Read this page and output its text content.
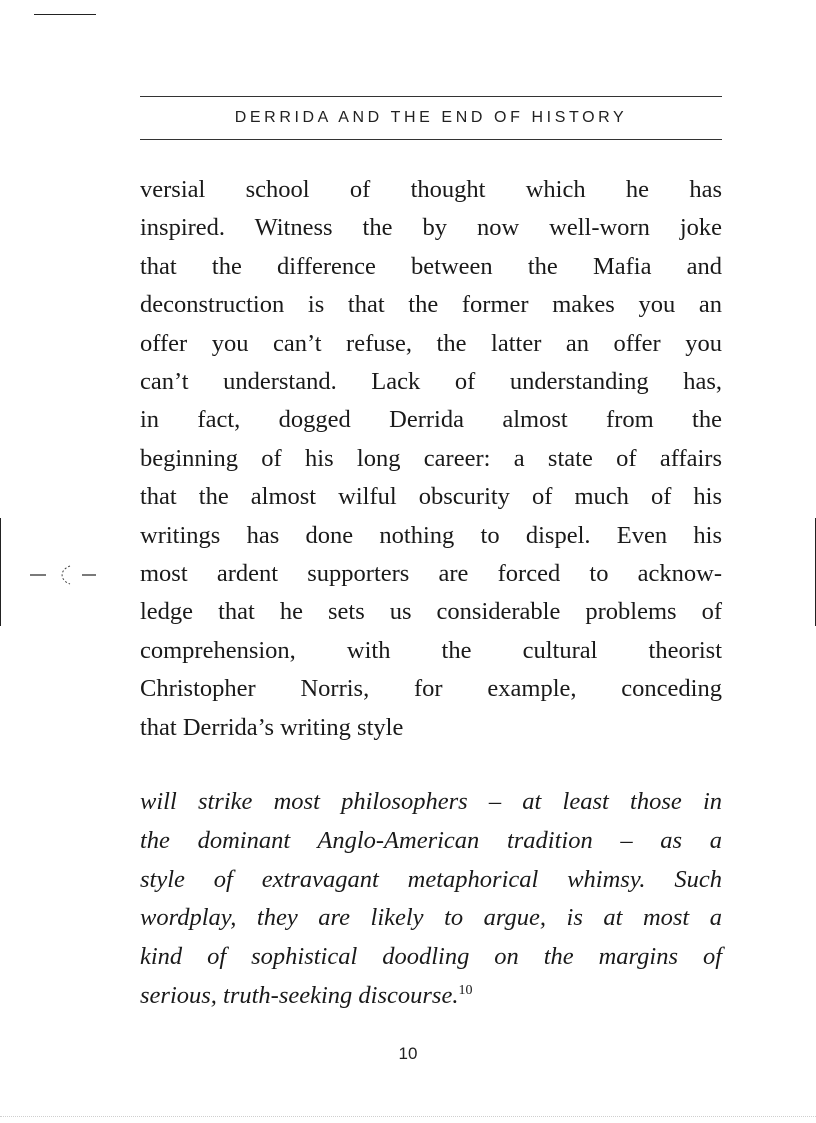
DERRIDA AND THE END OF HISTORY
versial school of thought which he has
inspired. Witness the by now well-worn joke
that the difference between the Mafia and
deconstruction is that the former makes you an
offer you can’t refuse, the latter an offer you
can’t understand. Lack of understanding has,
in fact, dogged Derrida almost from the
beginning of his long career: a state of affairs
that the almost wilful obscurity of much of his
writings has done nothing to dispel. Even his
most ardent supporters are forced to acknow-
ledge that he sets us considerable problems of
comprehension, with the cultural theorist
Christopher Norris, for example, conceding
that Derrida’s writing style
will strike most philosophers – at least those in
the dominant Anglo-American tradition – as a
style of extravagant metaphorical whimsy. Such
wordplay, they are likely to argue, is at most a
kind of sophistical doodling on the margins of
serious, truth-seeking discourse.$^{10}$
10
